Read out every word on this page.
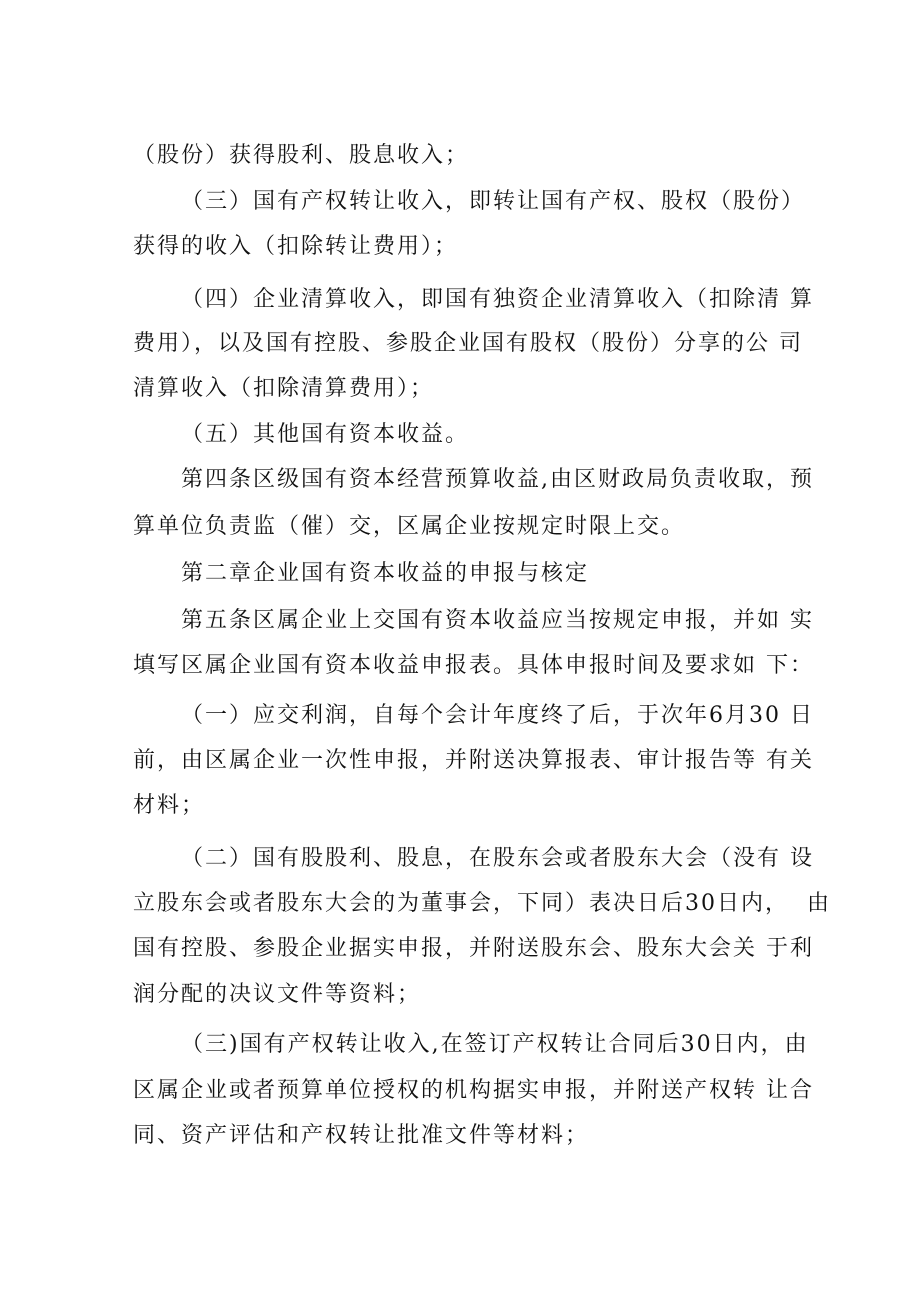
（股份）获得股利、股息收入；

（三）国有产权转让收入，即转让国有产权、股权（股份）

获得的收入（扣除转让费用）；

（四）企业清算收入，即国有独资企业清算收入（扣除清 算

费用），以及国有控股、参股企业国有股权（股份）分享的公 司

清算收入（扣除清算费用）；

（五）其他国有资本收益。

第四条区级国有资本经营预算收益,由区财政局负责收取，预

算单位负责监（催）交，区属企业按规定时限上交。

第二章企业国有资本收益的申报与核定

第五条区属企业上交国有资本收益应当按规定申报，并如 实

填写区属企业国有资本收益申报表。具体申报时间及要求如 下：

（一）应交利润，自每个会计年度终了后，于次年6月30 日

前，由区属企业一次性申报，并附送决算报表、审计报告等 有关

材料；

（二）国有股股利、股息，在股东会或者股东大会（没有 设

立股东会或者股东大会的为董事会，下同）表决日后30日内，  由

国有控股、参股企业据实申报，并附送股东会、股东大会关 于利

润分配的决议文件等资料；

（三)国有产权转让收入,在签订产权转让合同后30日内，由

区属企业或者预算单位授权的机构据实申报，并附送产权转 让合

同、资产评估和产权转让批准文件等材料；
